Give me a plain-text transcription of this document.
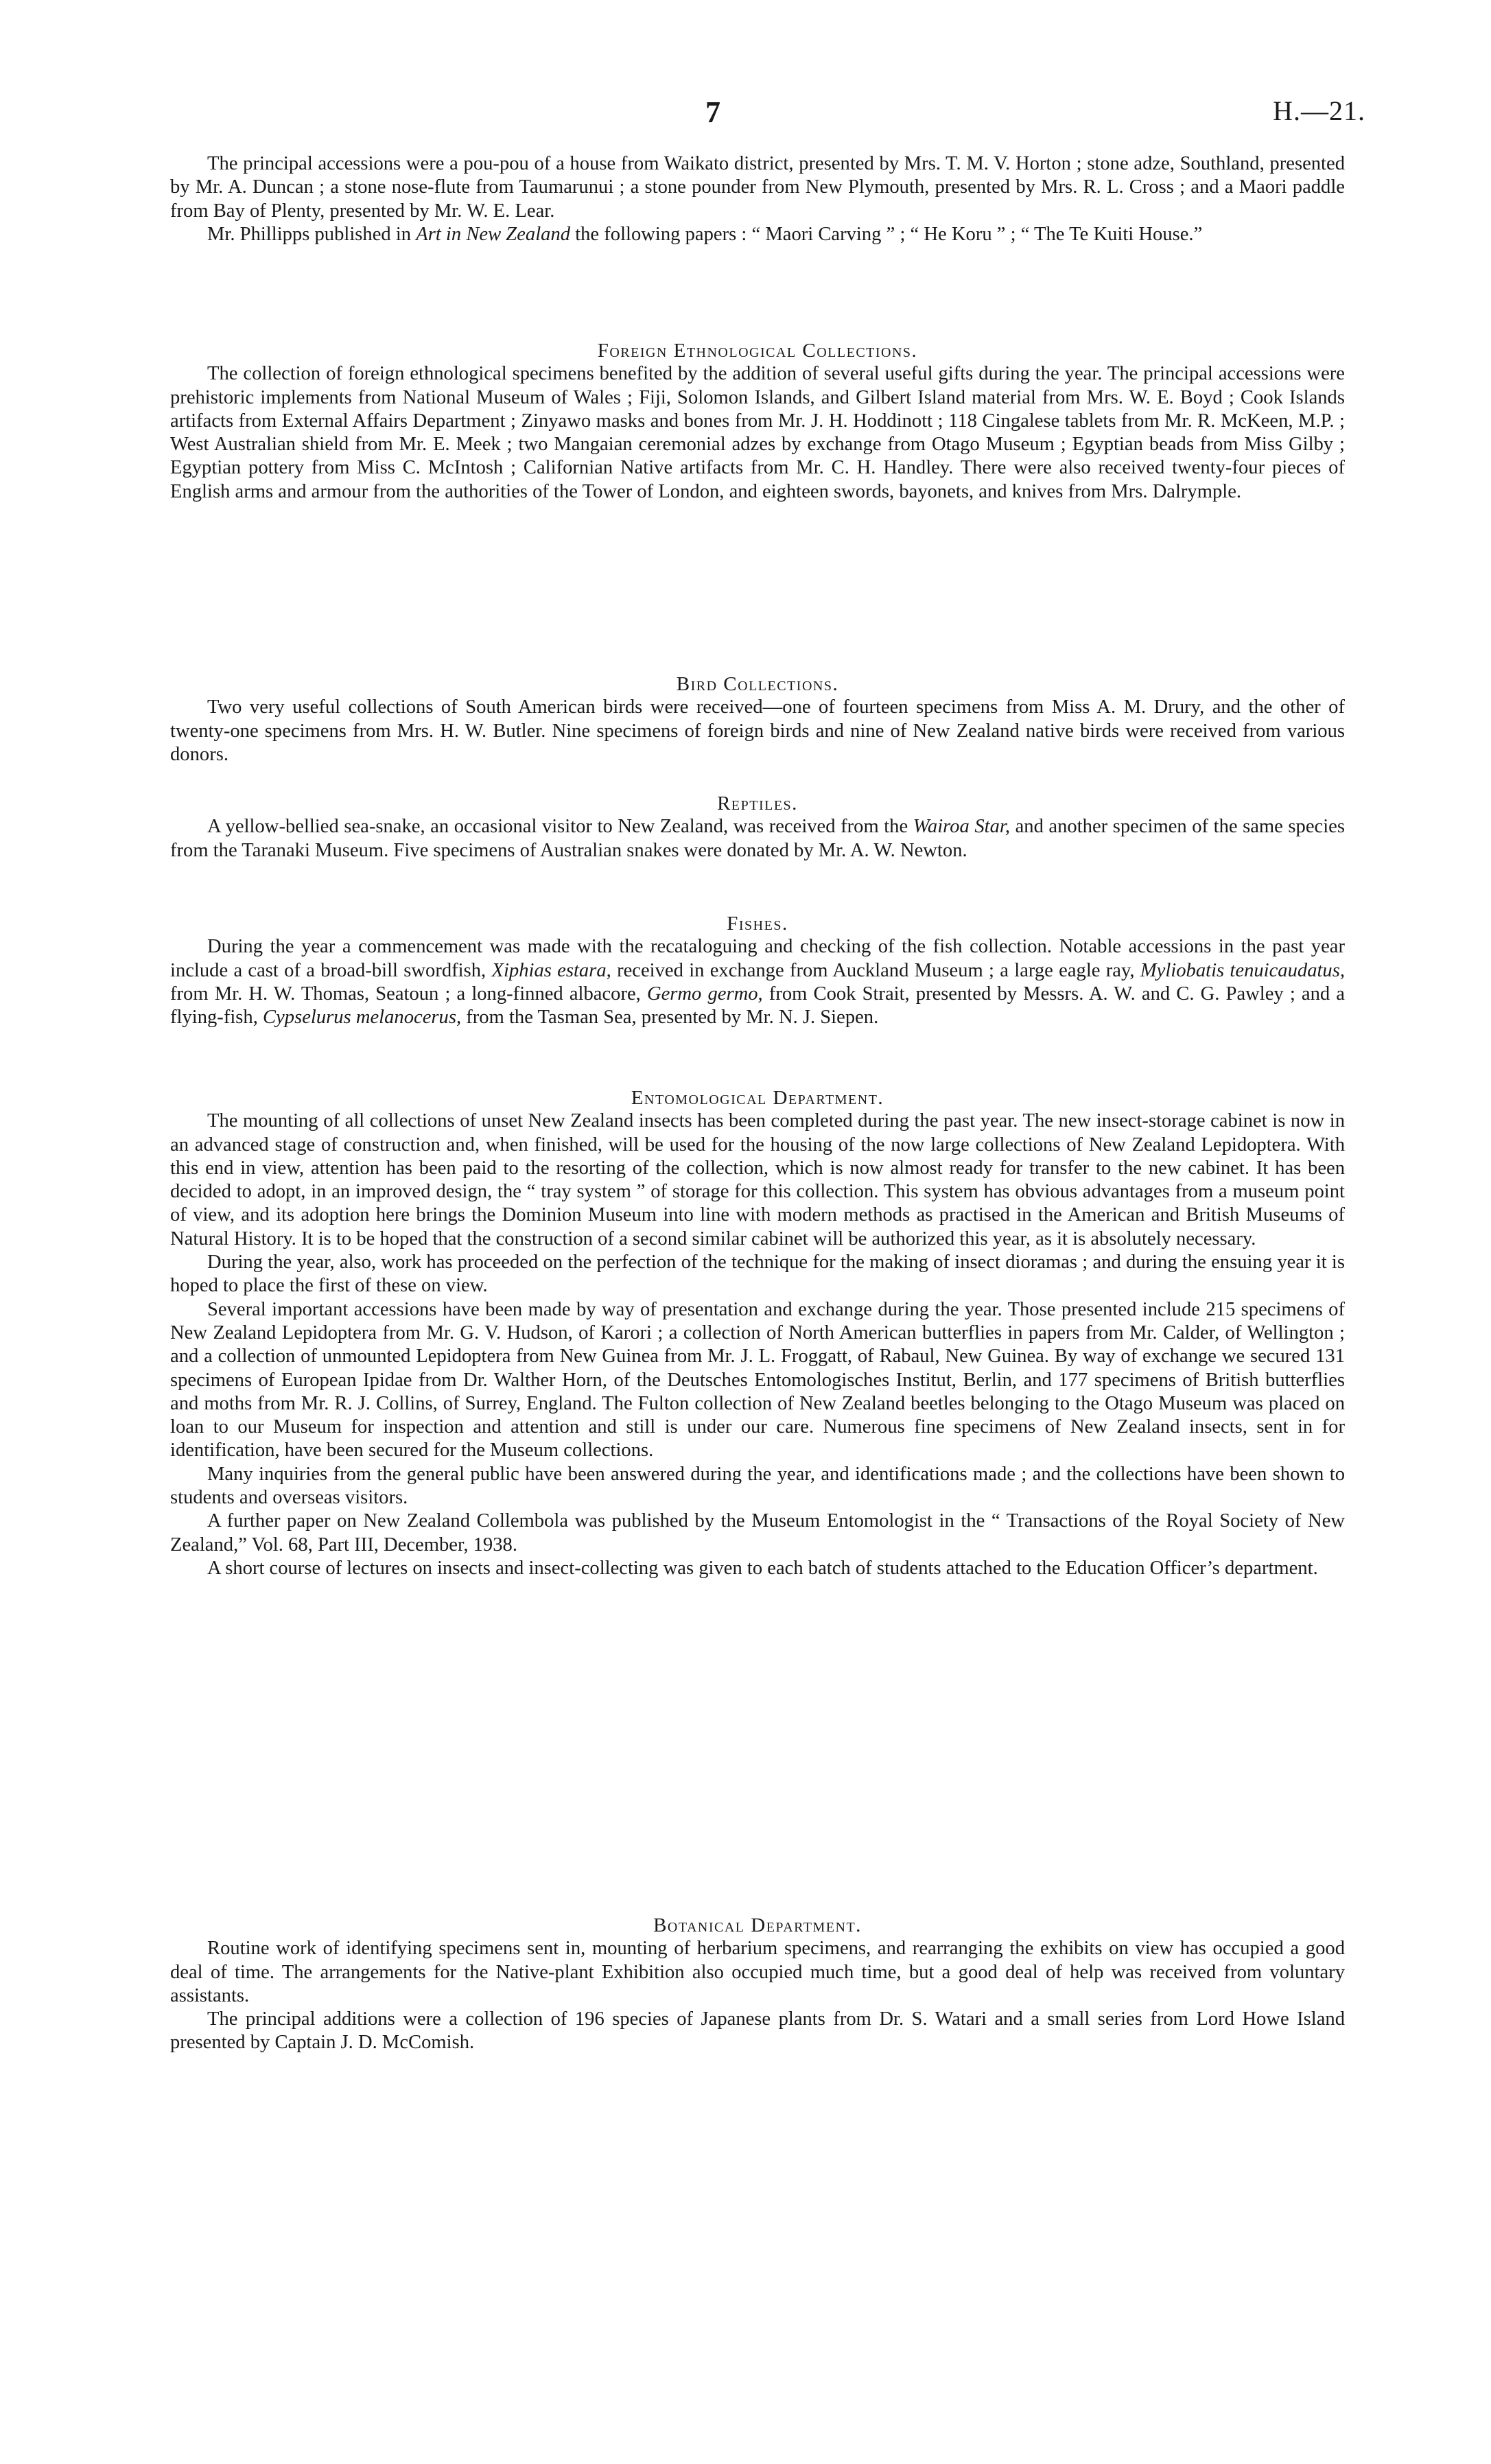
7	H.—21.

The principal accessions were a pou-pou of a house from Waikato district, presented by Mrs. T. M. V. Horton ; stone adze, Southland, presented by Mr. A. Duncan ; a stone nose-flute from Taumarunui ; a stone pounder from New Plymouth, presented by Mrs. R. L. Cross ; and a Maori paddle from Bay of Plenty, presented by Mr. W. E. Lear.

Mr. Phillipps published in Art in New Zealand the following papers : “ Maori Carving ” ; “ He Koru ” ; “ The Te Kuiti House.”

Foreign Ethnological Collections.

The collection of foreign ethnological specimens benefited by the addition of several useful gifts during the year. The principal accessions were prehistoric implements from National Museum of Wales ; Fiji, Solomon Islands, and Gilbert Island material from Mrs. W. E. Boyd ; Cook Islands artifacts from External Affairs Department ; Zinyawo masks and bones from Mr. J. H. Hoddinott ; 118 Cingalese tablets from Mr. R. McKeen, M.P. ; West Australian shield from Mr. E. Meek ; two Mangaian ceremonial adzes by exchange from Otago Museum ; Egyptian beads from Miss Gilby ; Egyptian pottery from Miss C. McIntosh ; Californian Native artifacts from Mr. C. H. Handley. There were also received twenty-four pieces of English arms and armour from the authorities of the Tower of London, and eighteen swords, bayonets, and knives from Mrs. Dalrymple.

Bird Collections.

Two very useful collections of South American birds were received—one of fourteen specimens from Miss A. M. Drury, and the other of twenty-one specimens from Mrs. H. W. Butler. Nine specimens of foreign birds and nine of New Zealand native birds were received from various donors.

Reptiles.

A yellow-bellied sea-snake, an occasional visitor to New Zealand, was received from the Wairoa Star, and another specimen of the same species from the Taranaki Museum. Five specimens of Australian snakes were donated by Mr. A. W. Newton.

Fishes.

During the year a commencement was made with the recataloguing and checking of the fish collection. Notable accessions in the past year include a cast of a broad-bill swordfish, Xiphias estara, received in exchange from Auckland Museum ; a large eagle ray, Myliobatis tenuicaudatus, from Mr. H. W. Thomas, Seatoun ; a long-finned albacore, Germo germo, from Cook Strait, presented by Messrs. A. W. and C. G. Pawley ; and a flying-fish, Cypselurus melanocerus, from the Tasman Sea, presented by Mr. N. J. Siepen.

Entomological Department.

The mounting of all collections of unset New Zealand insects has been completed during the past year. The new insect-storage cabinet is now in an advanced stage of construction and, when finished, will be used for the housing of the now large collections of New Zealand Lepidoptera. With this end in view, attention has been paid to the resorting of the collection, which is now almost ready for transfer to the new cabinet. It has been decided to adopt, in an improved design, the “ tray system ” of storage for this collection. This system has obvious advantages from a museum point of view, and its adoption here brings the Dominion Museum into line with modern methods as practised in the American and British Museums of Natural History. It is to be hoped that the construction of a second similar cabinet will be authorized this year, as it is absolutely necessary.

During the year, also, work has proceeded on the perfection of the technique for the making of insect dioramas ; and during the ensuing year it is hoped to place the first of these on view.

Several important accessions have been made by way of presentation and exchange during the year. Those presented include 215 specimens of New Zealand Lepidoptera from Mr. G. V. Hudson, of Karori ; a collection of North American butterflies in papers from Mr. Calder, of Wellington ; and a collection of unmounted Lepidoptera from New Guinea from Mr. J. L. Froggatt, of Rabaul, New Guinea. By way of exchange we secured 131 specimens of European Ipidae from Dr. Walther Horn, of the Deutsches Entomologisches Institut, Berlin, and 177 specimens of British butterflies and moths from Mr. R. J. Collins, of Surrey, England. The Fulton collection of New Zealand beetles belonging to the Otago Museum was placed on loan to our Museum for inspection and attention and still is under our care. Numerous fine specimens of New Zealand insects, sent in for identification, have been secured for the Museum collections.

Many inquiries from the general public have been answered during the year, and identifications made ; and the collections have been shown to students and overseas visitors.

A further paper on New Zealand Collembola was published by the Museum Entomologist in the “ Transactions of the Royal Society of New Zealand,” Vol. 68, Part III, December, 1938.

A short course of lectures on insects and insect-collecting was given to each batch of students attached to the Education Officer’s department.

Botanical Department.

Routine work of identifying specimens sent in, mounting of herbarium specimens, and rearranging the exhibits on view has occupied a good deal of time. The arrangements for the Native-plant Exhibition also occupied much time, but a good deal of help was received from voluntary assistants.

The principal additions were a collection of 196 species of Japanese plants from Dr. S. Watari and a small series from Lord Howe Island presented by Captain J. D. McComish.
